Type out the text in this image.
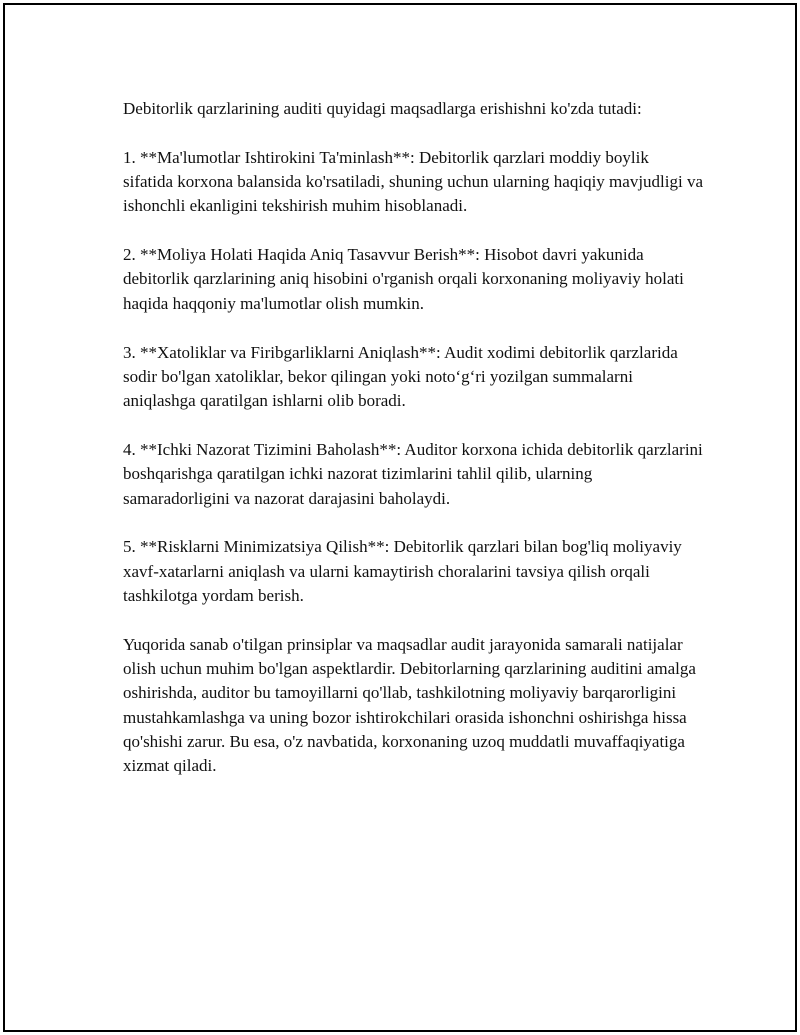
Debitorlik qarzlarining auditi quyidagi maqsadlarga erishishni ko'zda tutadi:

1. **Ma'lumotlar Ishtirokini Ta'minlash**: Debitorlik qarzlari moddiy boylik sifatida korxona balansida ko'rsatiladi, shuning uchun ularning haqiqiy mavjudligi va ishonchli ekanligini tekshirish muhim hisoblanadi.

2. **Moliya Holati Haqida Aniq Tasavvur Berish**: Hisobot davri yakunida debitorlik qarzlarining aniq hisobini o'rganish orqali korxonaning moliyaviy holati haqida haqqoniy ma'lumotlar olish mumkin.

3. **Xatoliklar va Firibgarliklarni Aniqlash**: Audit xodimi debitorlik qarzlarida sodir bo'lgan xatoliklar, bekor qilingan yoki noto‘g‘ri yozilgan summalarni aniqlashga qaratilgan ishlarni olib boradi.

4. **Ichki Nazorat Tizimini Baholash**: Auditor korxona ichida debitorlik qarzlarini boshqarishga qaratilgan ichki nazorat tizimlarini tahlil qilib, ularning samaradorligini va nazorat darajasini baholaydi.

5. **Risklarni Minimizatsiya Qilish**: Debitorlik qarzlari bilan bog'liq moliyaviy xavf-xatarlarni aniqlash va ularni kamaytirish choralarini tavsiya qilish orqali tashkilotga yordam berish.

Yuqorida sanab o'tilgan prinsiplar va maqsadlar audit jarayonida samarali natijalar olish uchun muhim bo'lgan aspektlardir. Debitorlarning qarzlarining auditini amalga oshirishda, auditor bu tamoyillarni qo'llab, tashkilotning moliyaviy barqarorligini mustahkamlashga va uning bozor ishtirokchilari orasida ishonchni oshirishga hissa qo'shishi zarur. Bu esa, o'z navbatida, korxonaning uzoq muddatli muvaffaqiyatiga xizmat qiladi.
